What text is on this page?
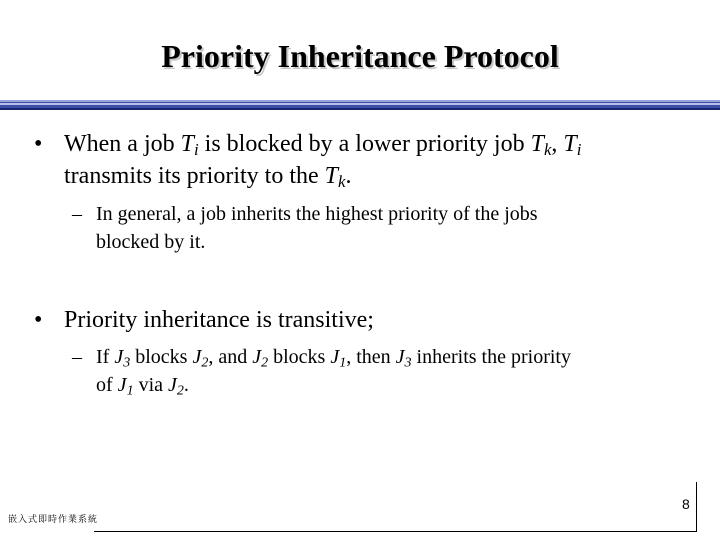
Priority Inheritance Protocol
• When a job $T_i$ is blocked by a lower priority job $T_k$, $T_i$
transmits its priority to the $T_k$.
– In general, a job inherits the highest priority of the jobs
blocked by it.
• Priority inheritance is transitive;
– If $J_3$ blocks $J_2$, and $J_2$ blocks $J_1$, then $J_3$ inherits the priority
of $J_1$ via $J_2$.
嵌入式即時作業系統
8
